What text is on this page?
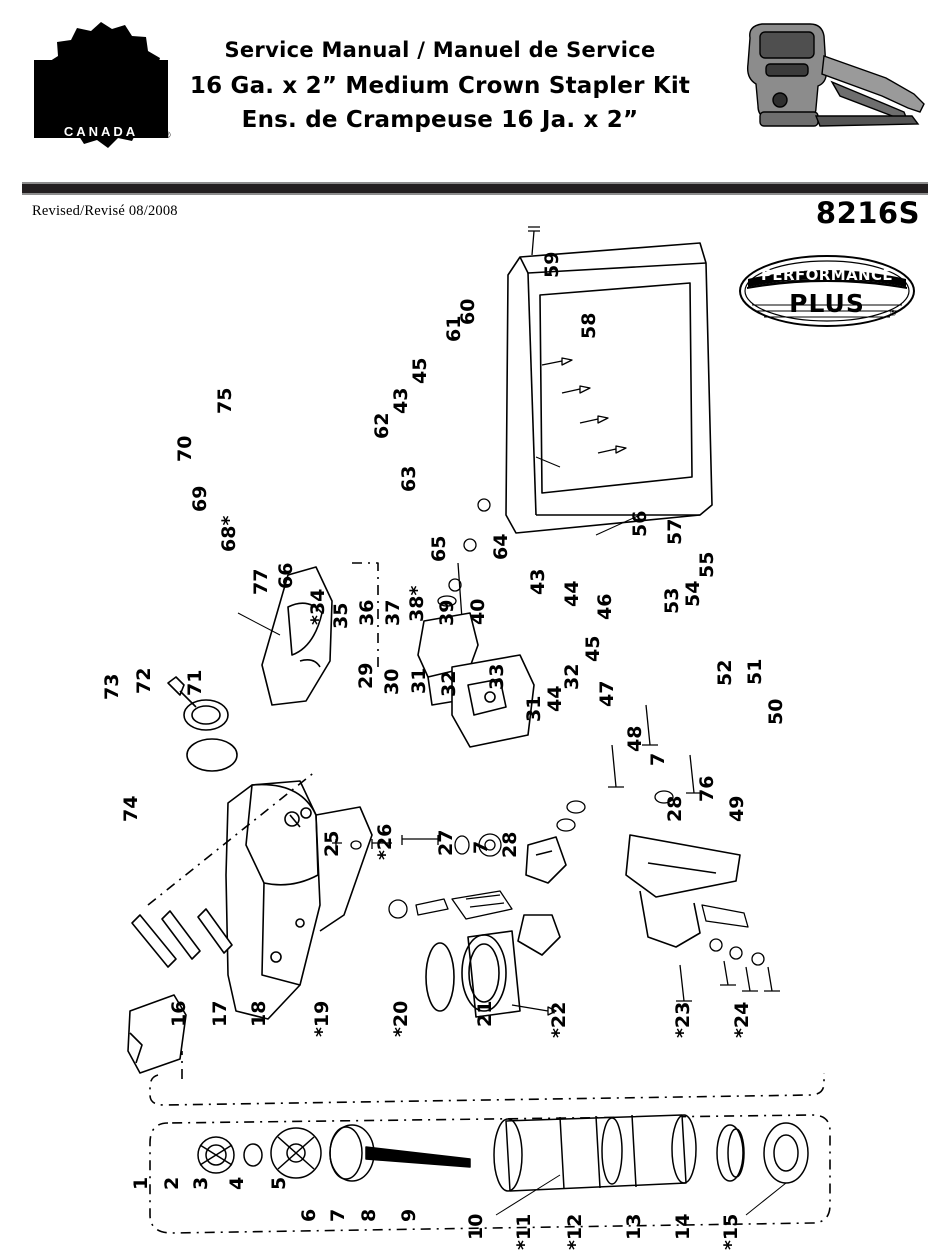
KING
CANADA	®
Service Manual / Manuel de Service
16 Ga. x 2” Medium Crown Stapler Kit
Ens. de Crampeuse 16 Ja. x 2”
Revised/Revisé 08/2008	8216S
PERFORMANCE
PLUS	®
59
60
61	58
45
43
62
75
70
69
68*
63
65 64
56 57
55
54
53
43 44 46
45
77 66
*34 35 36 37 38* 39 40
29 30 31 32 33
31 44
32
47
52 51
50
48
7
28
76
49
73 72 71
74
25 *26 27 7 28
16 17 18 *19	*20	21	*22	*23 *24
1 2 3 4 5
6 7 8 9 10 *11 *12 13 14 *15
